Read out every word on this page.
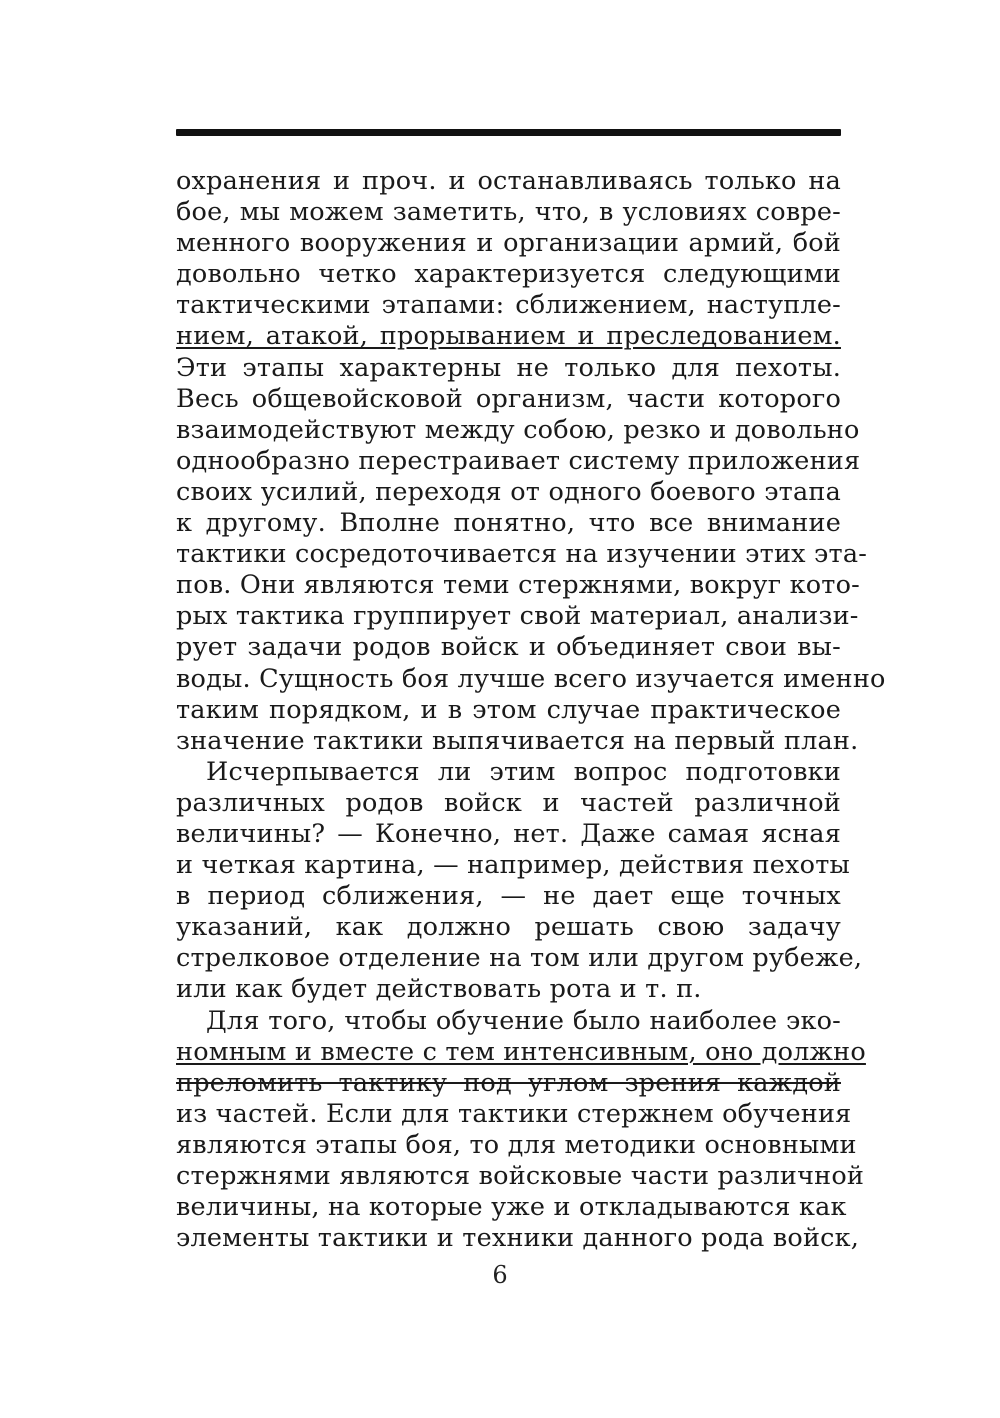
охранения и проч. и останавливаясь только на
бое, мы можем заметить, что, в условиях совре-
менного вооружения и организации армий, бой
довольно четко характеризуется следующими
тактическими этапами: сближением, наступле-
нием, атакой, прорыванием и преследованием.
Эти этапы характерны не только для пехоты.
Весь общевойсковой организм, части которого
взаимодействуют между собою, резко и довольно
однообразно перестраивает систему приложения
своих усилий, переходя от одного боевого этапа
к другому. Вполне понятно, что все внимание
тактики сосредоточивается на изучении этих эта-
пов. Они являются теми стержнями, вокруг кото-
рых тактика группирует свой материал, анализи-
рует задачи родов войск и объединяет свои вы-
воды. Сущность боя лучше всего изучается именно
таким порядком, и в этом случае практическое
значение тактики выпячивается на первый план.
Исчерпывается ли этим вопрос подготовки
различных родов войск и частей различной
величины? — Конечно, нет. Даже самая ясная
и четкая картина, — например, действия пехоты
в период сближения, — не дает еще точных
указаний, как должно решать свою задачу
стрелковое отделение на том или другом рубеже,
или как будет действовать рота и т. п.
Для того, чтобы обучение было наиболее эко-
номным и вместе с тем интенсивным, оно должно
преломить тактику под углом зрения каждой
из частей. Если для тактики стержнем обучения
являются этапы боя, то для методики основными
стержнями являются войсковые части различной
величины, на которые уже и откладываются как
элементы тактики и техники данного рода войск,
6
